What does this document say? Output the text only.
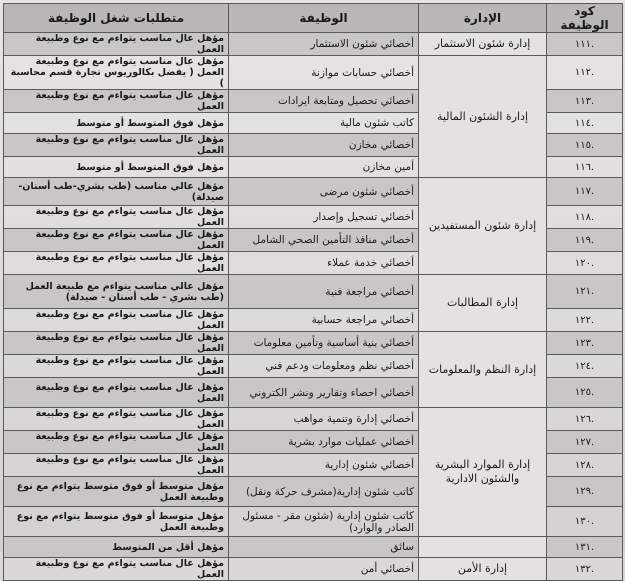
كود الوظيفة	الإدارة	الوظيفة	متطلبات شغل الوظيفة
.١١١	إدارة شئون الاستثمار	أخصائي شئون الاستثمار	مؤهل عال مناسب يتواءم مع نوع وطبيعة العمل
.١١٢	إدارة الشئون المالية	أخصائي حسابات موازنة	مؤهل عال مناسب يتواءم مع نوع وطبيعة العمل ( يفضل بكالوريوس تجارة قسم محاسبة )
.١١٣		أخصائي تحصيل ومتابعة ايرادات	مؤهل عال مناسب يتواءم مع نوع وطبيعة العمل
.١١٤		كاتب شئون مالية	مؤهل فوق المتوسط أو متوسط
.١١٥		أخصائي مخازن	مؤهل عال مناسب يتواءم مع نوع وطبيعة العمل
.١١٦		أمين مخازن	مؤهل فوق المتوسط أو متوسط
.١١٧	إدارة شئون المستفيدين	أخصائي شئون مرضى	مؤهل عالي مناسب (طب بشري-طب أسنان- صيدلة)
.١١٨		أخصائي تسجيل وإصدار	مؤهل عال مناسب يتواءم مع نوع وطبيعة العمل
.١١٩		أخصائي منافذ التأمين الصحي الشامل	مؤهل عال مناسب يتواءم مع نوع وطبيعة العمل
.١٢٠		أخصائي خدمة عملاء	مؤهل عال مناسب يتواءم مع نوع وطبيعة العمل
.١٢١	إدارة المطالبات	أخصائي مراجعة فنية	مؤهل عالي مناسب يتواءم مع طبيعة العمل (طب بشري - طب أسنان - صيدلة)
.١٢٢		أخصائي مراجعة حسابية	مؤهل عال مناسب يتواءم مع نوع وطبيعة العمل
.١٢٣	إدارة النظم والمعلومات	أخصائي بنية أساسية وتأمين معلومات	مؤهل عال مناسب يتواءم مع نوع وطبيعة العمل
.١٢٤		أخصائي نظم ومعلومات ودعم فني	مؤهل عال مناسب يتواءم مع نوع وطبيعة العمل
.١٢٥		أخصائي احصاء وتقارير ونشر الكتروني	مؤهل عال مناسب يتواءم مع نوع وطبيعة العمل
.١٢٦	إدارة الموارد البشرية والشئون الادارية	أخصائي إدارة وتنمية مواهب	مؤهل عال مناسب يتواءم مع نوع وطبيعة العمل
.١٢٧		أخصائي عمليات موارد بشرية	مؤهل عال مناسب يتواءم مع نوع وطبيعة العمل
.١٢٨		أخصائي شئون إدارية	مؤهل عال مناسب يتواءم مع نوع وطبيعة العمل
.١٢٩		كاتب شئون إدارية(مشرف حركة ونقل)	مؤهل متوسط أو فوق متوسط يتواءم مع نوع وطبيعة العمل
.١٣٠		كاتب شئون إدارية (شئون مقر - مسئول الصادر والوارد)	مؤهل متوسط أو فوق متوسط يتواءم مع نوع وطبيعة العمل
.١٣١		سائق	مؤهل أقل من المتوسط
.١٣٢	إدارة الأمن	أخصائي أمن	مؤهل عال مناسب يتواءم مع نوع وطبيعة العمل
